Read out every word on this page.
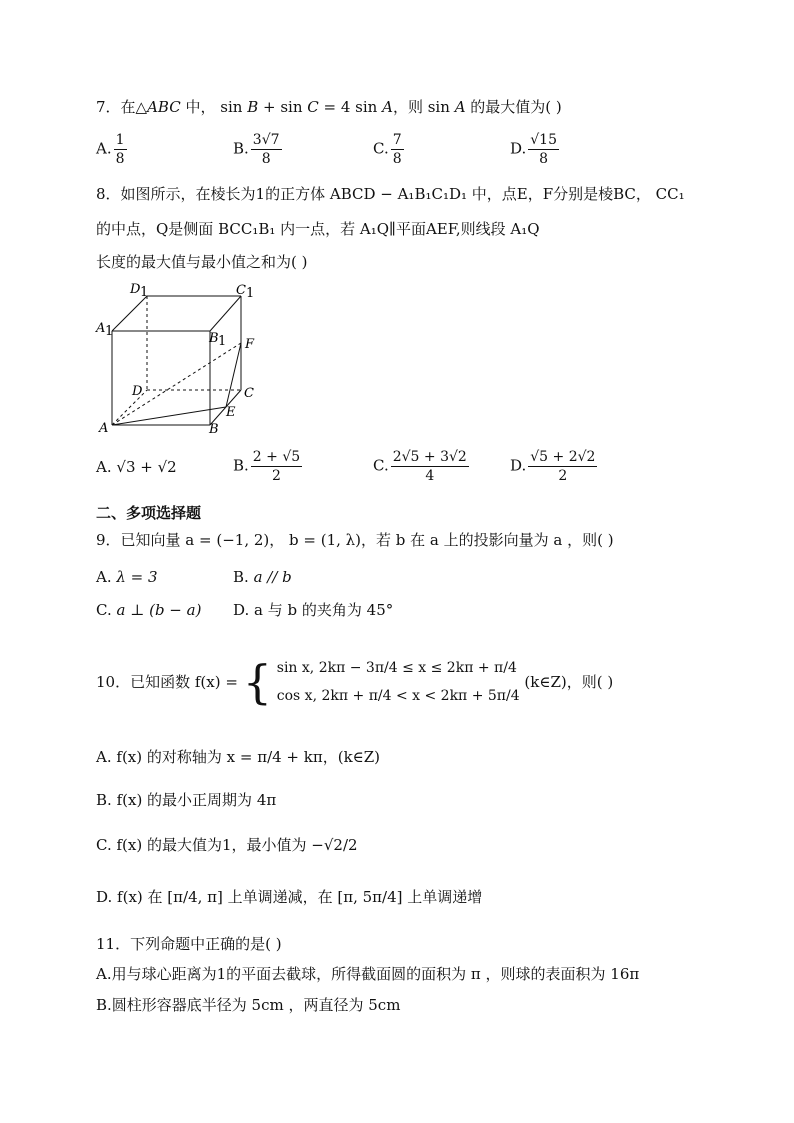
7．在△ABC 中， sin B + sin C = 4 sin A，则 sin A 的最大值为( )
A. $\frac{1}{8}$	B. $\frac{3√7}{8}$	C. $\frac{7}{8}$	D. $\frac{√15}{8}$
8．如图所示，在棱长为1的正方体 ABCD − A₁B₁C₁D₁ 中，点E，F分别是棱BC， CC₁
的中点，Q是侧面 BCC₁B₁ 内一点，若 A₁Q∥平面AEF,则线段 A₁Q
长度的最大值与最小值之和为( )
D 1	C 1
A 1	B 1 F
D	C
E
A	B
A. √3 + √2	B. $\frac{2 + √5}{2}$	C. $\frac{2√5 + 3√2}{4}$	D. $\frac{√5 + 2√2}{2}$
二、多项选择题
9．已知向量 a = (−1, 2)， b = (1, λ)，若 b 在 a 上的投影向量为 a ，则( )
A. λ = 3	B. a // b
C. a ⊥ (b − a) D. a 与 b 的夹角为 45°
10．已知函数 f(x) = { sin x, 2kπ − 3π/4 ≤ x ≤ 2kπ + π/4
cos x, 2kπ + π/4 < x < 2kπ + 5π/4
(k∈Z)，则( )
A. f(x) 的对称轴为 x = π/4 + kπ，(k∈Z)
B. f(x) 的最小正周期为 4π
C. f(x) 的最大值为1，最小值为 −√2/2
D. f(x) 在 [π/4, π] 上单调递减，在 [π, 5π/4] 上单调递增
11．下列命题中正确的是( )
A.用与球心距离为1的平面去截球，所得截面圆的面积为 π ，则球的表面积为 16π
B.圆柱形容器底半径为 5cm ，两直径为 5cm
